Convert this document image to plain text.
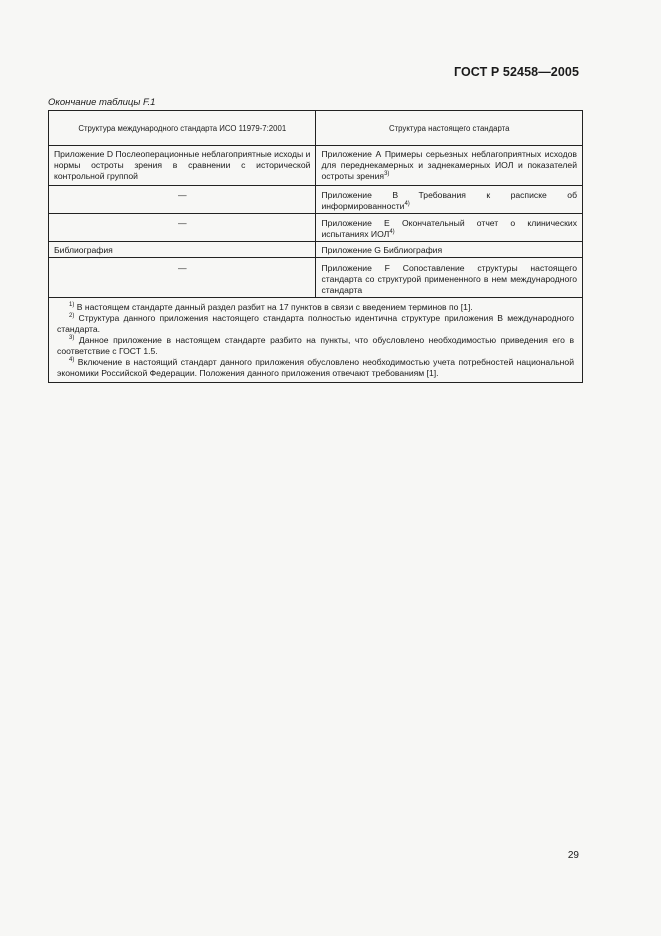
ГОСТ Р 52458—2005
Окончание таблицы F.1
Структура международного стандарта ИСО 11979-7:2001	Структура настоящего стандарта
Приложение D Послеоперационные неблагоприятные исходы и нормы остроты зрения в сравнении с исторической контрольной группой	Приложение А Примеры серьезных неблагоприятных исходов для переднекамерных и заднекамерных ИОЛ и показателей остроты зрения$^{3)}$
—	Приложение В Требования к расписке об информированности$^{4)}$
—	Приложение Е Окончательный отчет о клинических испытаниях ИОЛ$^{4)}$
Библиография	Приложение G Библиография
—	Приложение F Сопоставление структуры настоящего стандарта со структурой примененного в нем международного стандарта

$^{1)}$ В настоящем стандарте данный раздел разбит на 17 пунктов в связи с введением терминов по [1].

$^{2)}$ Структура данного приложения настоящего стандарта полностью идентична структуре приложения В международного стандарта.

$^{3)}$ Данное приложение в настоящем стандарте разбито на пункты, что обусловлено необходимостью приведения его в соответствие с ГОСТ 1.5.

$^{4)}$ Включение в настоящий стандарт данного приложения обусловлено необходимостью учета потребностей национальной экономики Российской Федерации. Положения данного приложения отвечают требованиям [1].	

29
